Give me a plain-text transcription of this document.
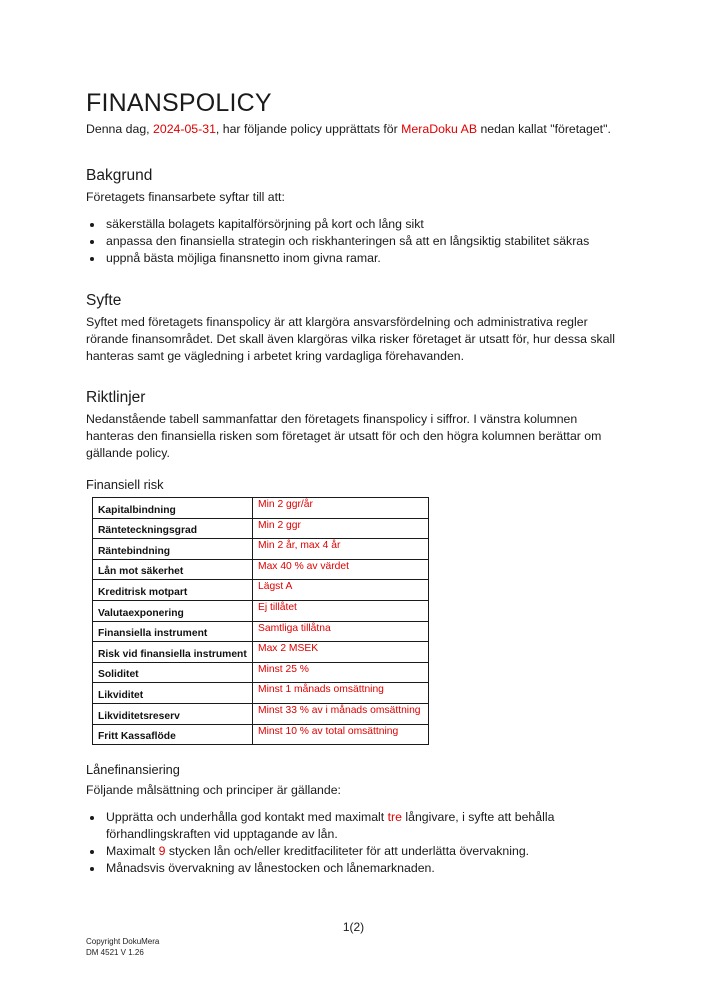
FINANSPOLICY
Denna dag, 2024-05-31, har följande policy upprättats för MeraDoku AB nedan kallat "företaget".
Bakgrund

Företagets finansarbete syftar till att:

• säkerställa bolagets kapitalförsörjning på kort och lång sikt
• anpassa den finansiella strategin och riskhanteringen så att en långsiktig stabilitet säkras
• uppnå bästa möjliga finansnetto inom givna ramar.
Syfte

Syftet med företagets finanspolicy är att klargöra ansvarsfördelning och administrativa regler rörande finansområdet. Det skall även klargöras vilka risker företaget är utsatt för, hur dessa skall hanteras samt ge vägledning i arbetet kring vardagliga förehavanden.

Riktlinjer

Nedanstående tabell sammanfattar den företagets finanspolicy i siffror. I vänstra kolumnen hanteras den finansiella risken som företaget är utsatt för och den högra kolumnen berättar om gällande policy.

Finansiell risk
Kapitalbindning	Min 2 ggr/år
Ränteteckningsgrad	Min 2 ggr
Räntebindning	Min 2 år, max 4 år
Lån mot säkerhet	Max 40 % av värdet
Kreditrisk motpart	Lägst A
Valutaexponering	Ej tillåtet
Finansiella instrument	Samtliga tillåtna
Risk vid finansiella instrument	Max 2 MSEK
Soliditet	Minst 25 %
Likviditet	Minst 1 månads omsättning
Likviditetsreserv	Minst 33 % av i månads omsättning
Fritt Kassaflöde	Minst 10 % av total omsättning
Lånefinansiering

Följande målsättning och principer är gällande:

• Upprätta och underhålla god kontakt med maximalt tre långivare, i syfte att behålla förhandlingskraften vid upptagande av lån.
• Maximalt 9 stycken lån och/eller kreditfaciliteter för att underlätta övervakning.
• Månadsvis övervakning av lånestocken och lånemarknaden.
1(2)
Copyright DokuMera
DM 4521 V 1.26
